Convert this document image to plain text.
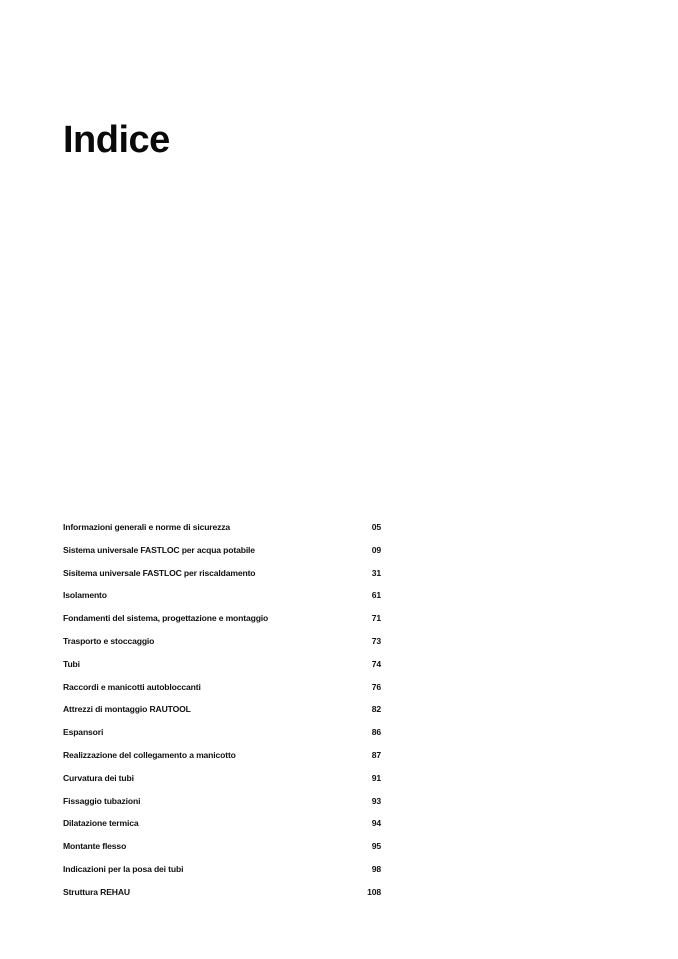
Indice
Informazioni generali e norme di sicurezza	05
Sistema universale FASTLOC per acqua potabile	09
Sisitema universale FASTLOC per riscaldamento	31
Isolamento	61
Fondamenti del sistema, progettazione e montaggio	71
Trasporto e stoccaggio	73
Tubi	74
Raccordi e manicotti autobloccanti	76
Attrezzi di montaggio RAUTOOL	82
Espansori	86
Realizzazione del collegamento a manicotto	87
Curvatura dei tubi	91
Fissaggio tubazioni	93
Dilatazione termica	94
Montante flesso	95
Indicazioni per la posa dei tubi	98
Struttura REHAU	108
